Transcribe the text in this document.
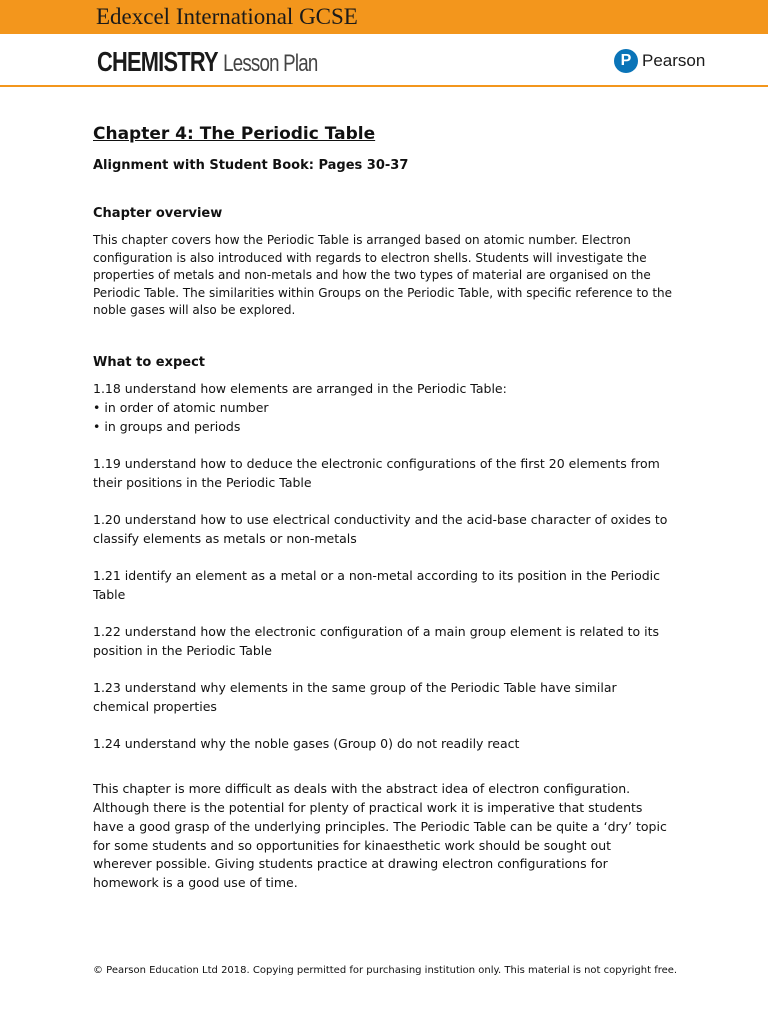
Edexcel International GCSE
CHEMISTRY Lesson Plan	P Pearson
Chapter 4: The Periodic Table

Alignment with Student Book: Pages 30-37

Chapter overview

This chapter covers how the Periodic Table is arranged based on atomic number. Electron configuration is also introduced with regards to electron shells. Students will investigate the properties of metals and non-metals and how the two types of material are organised on the Periodic Table. The similarities within Groups on the Periodic Table, with specific reference to the noble gases will also be explored.

What to expect

1.18 understand how elements are arranged in the Periodic Table:
• in order of atomic number
• in groups and periods
1.19 understand how to deduce the electronic configurations of the first 20 elements from their positions in the Periodic Table
1.20 understand how to use electrical conductivity and the acid-base character of oxides to classify elements as metals or non-metals
1.21 identify an element as a metal or a non-metal according to its position in the Periodic Table
1.22 understand how the electronic configuration of a main group element is related to its position in the Periodic Table
1.23 understand why elements in the same group of the Periodic Table have similar chemical properties
1.24 understand why the noble gases (Group 0) do not readily react

This chapter is more difficult as deals with the abstract idea of electron configuration. Although there is the potential for plenty of practical work it is imperative that students have a good grasp of the underlying principles. The Periodic Table can be quite a ‘dry’ topic for some students and so opportunities for kinaesthetic work should be sought out wherever possible. Giving students practice at drawing electron configurations for homework is a good use of time.

© Pearson Education Ltd 2018. Copying permitted for purchasing institution only. This material is not copyright free.
